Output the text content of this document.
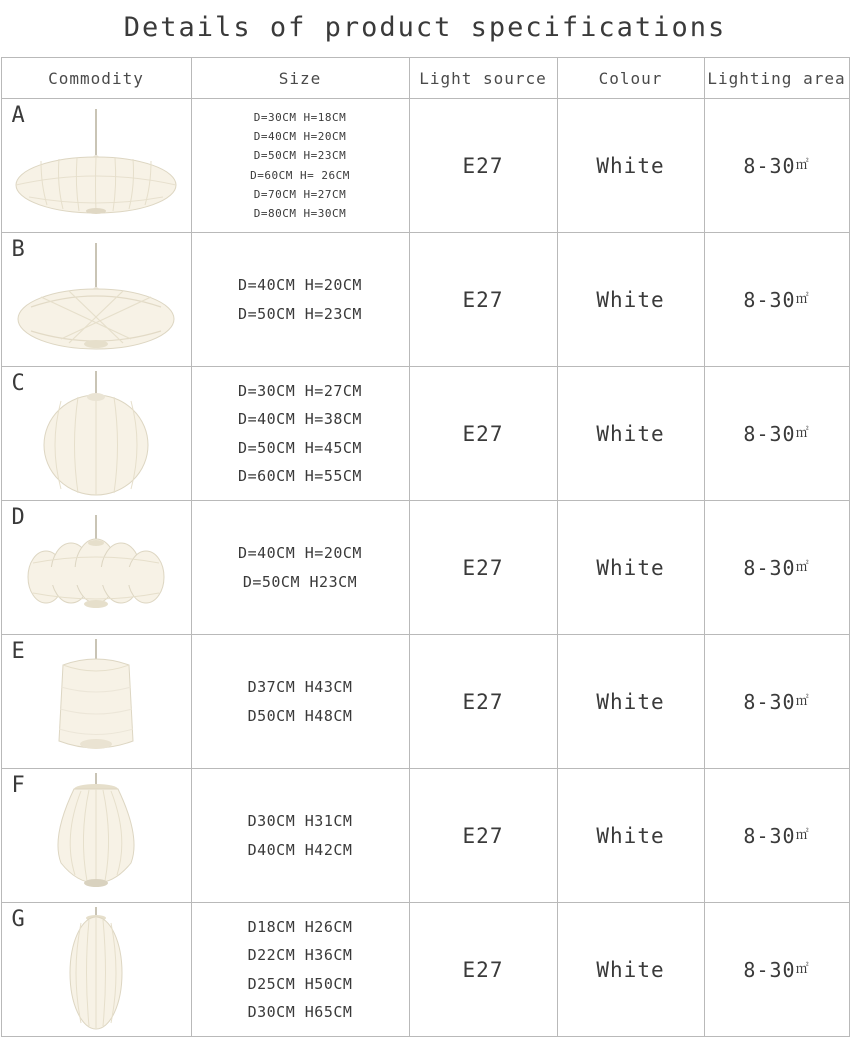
Details of product specifications
Commodity	Size	Light source	Colour	Lighting area

A	D=30CM H=18CM
D=40CM H=20CM
D=50CM H=23CM
D=60CM H= 26CM
D=70CM H=27CM
D=80CM H=30CM
	E27	White	8-30㎡

B	D=40CM H=20CM
D=50CM H=23CM	E27	White	8-30㎡

C	D=30CM H=27CM
D=40CM H=38CM
D=50CM H=45CM
D=60CM H=55CM	E27	White	8-30㎡

D	D=40CM H=20CM
D=50CM H23CM	E27	White	8-30㎡

E	D37CM H43CM
D50CM H48CM	E27	White	8-30㎡

F	D30CM H31CM
D40CM H42CM	E27	White	8-30㎡

G	D18CM H26CM
D22CM H36CM
D25CM H50CM
D30CM H65CM	E27	White	8-30㎡
